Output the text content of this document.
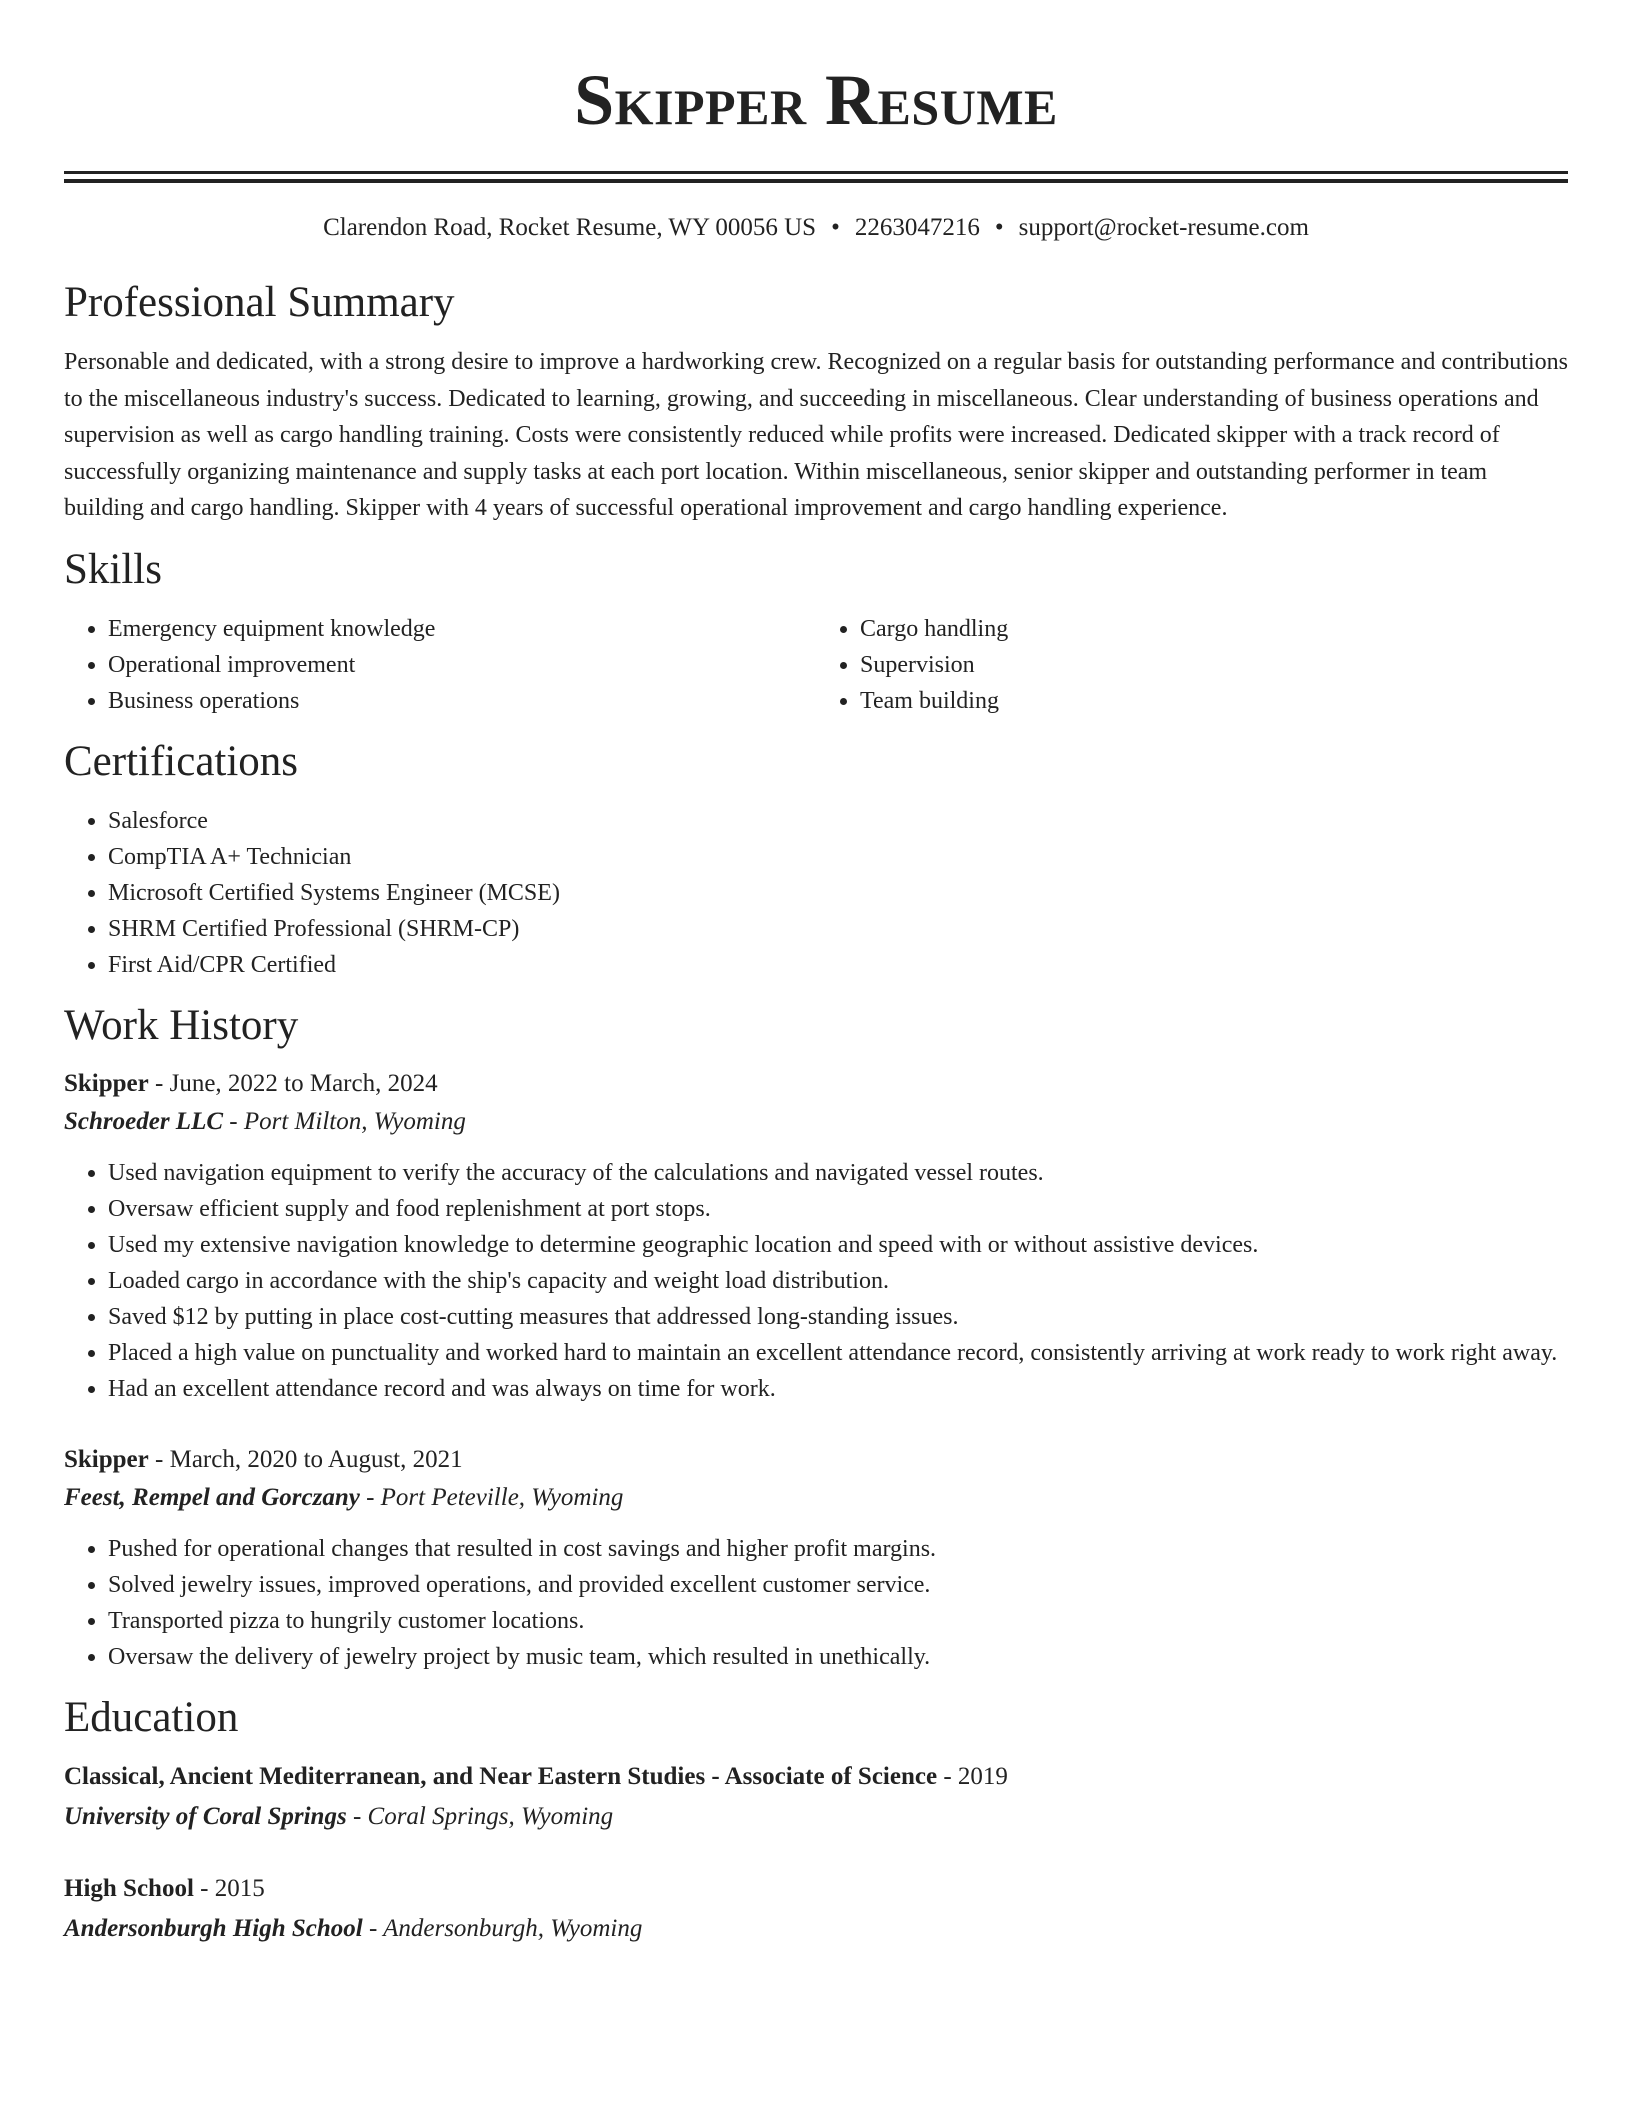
Skipper Resume
Clarendon Road, Rocket Resume, WY 00056 US • 2263047216 • support@rocket-resume.com
Professional Summary
Personable and dedicated, with a strong desire to improve a hardworking crew. Recognized on a regular basis for outstanding performance and contributions to the miscellaneous industry's success. Dedicated to learning, growing, and succeeding in miscellaneous. Clear understanding of business operations and supervision as well as cargo handling training. Costs were consistently reduced while profits were increased. Dedicated skipper with a track record of successfully organizing maintenance and supply tasks at each port location. Within miscellaneous, senior skipper and outstanding performer in team building and cargo handling. Skipper with 4 years of successful operational improvement and cargo handling experience.
Skills
• Emergency equipment knowledge
• Operational improvement
• Business operations
• Cargo handling
• Supervision
• Team building
Certifications
• Salesforce
• CompTIA A+ Technician
• Microsoft Certified Systems Engineer (MCSE)
• SHRM Certified Professional (SHRM-CP)
• First Aid/CPR Certified
Work History
Skipper - June, 2022 to March, 2024
Schroeder LLC - Port Milton, Wyoming
• Used navigation equipment to verify the accuracy of the calculations and navigated vessel routes.
• Oversaw efficient supply and food replenishment at port stops.
• Used my extensive navigation knowledge to determine geographic location and speed with or without assistive devices.
• Loaded cargo in accordance with the ship's capacity and weight load distribution.
• Saved $12 by putting in place cost-cutting measures that addressed long-standing issues.
• Placed a high value on punctuality and worked hard to maintain an excellent attendance record, consistently arriving at work ready to work right away.
• Had an excellent attendance record and was always on time for work.
Skipper - March, 2020 to August, 2021
Feest, Rempel and Gorczany - Port Peteville, Wyoming
• Pushed for operational changes that resulted in cost savings and higher profit margins.
• Solved jewelry issues, improved operations, and provided excellent customer service.
• Transported pizza to hungrily customer locations.
• Oversaw the delivery of jewelry project by music team, which resulted in unethically.
Education
Classical, Ancient Mediterranean, and Near Eastern Studies - Associate of Science - 2019
University of Coral Springs - Coral Springs, Wyoming
High School - 2015
Andersonburgh High School - Andersonburgh, Wyoming
